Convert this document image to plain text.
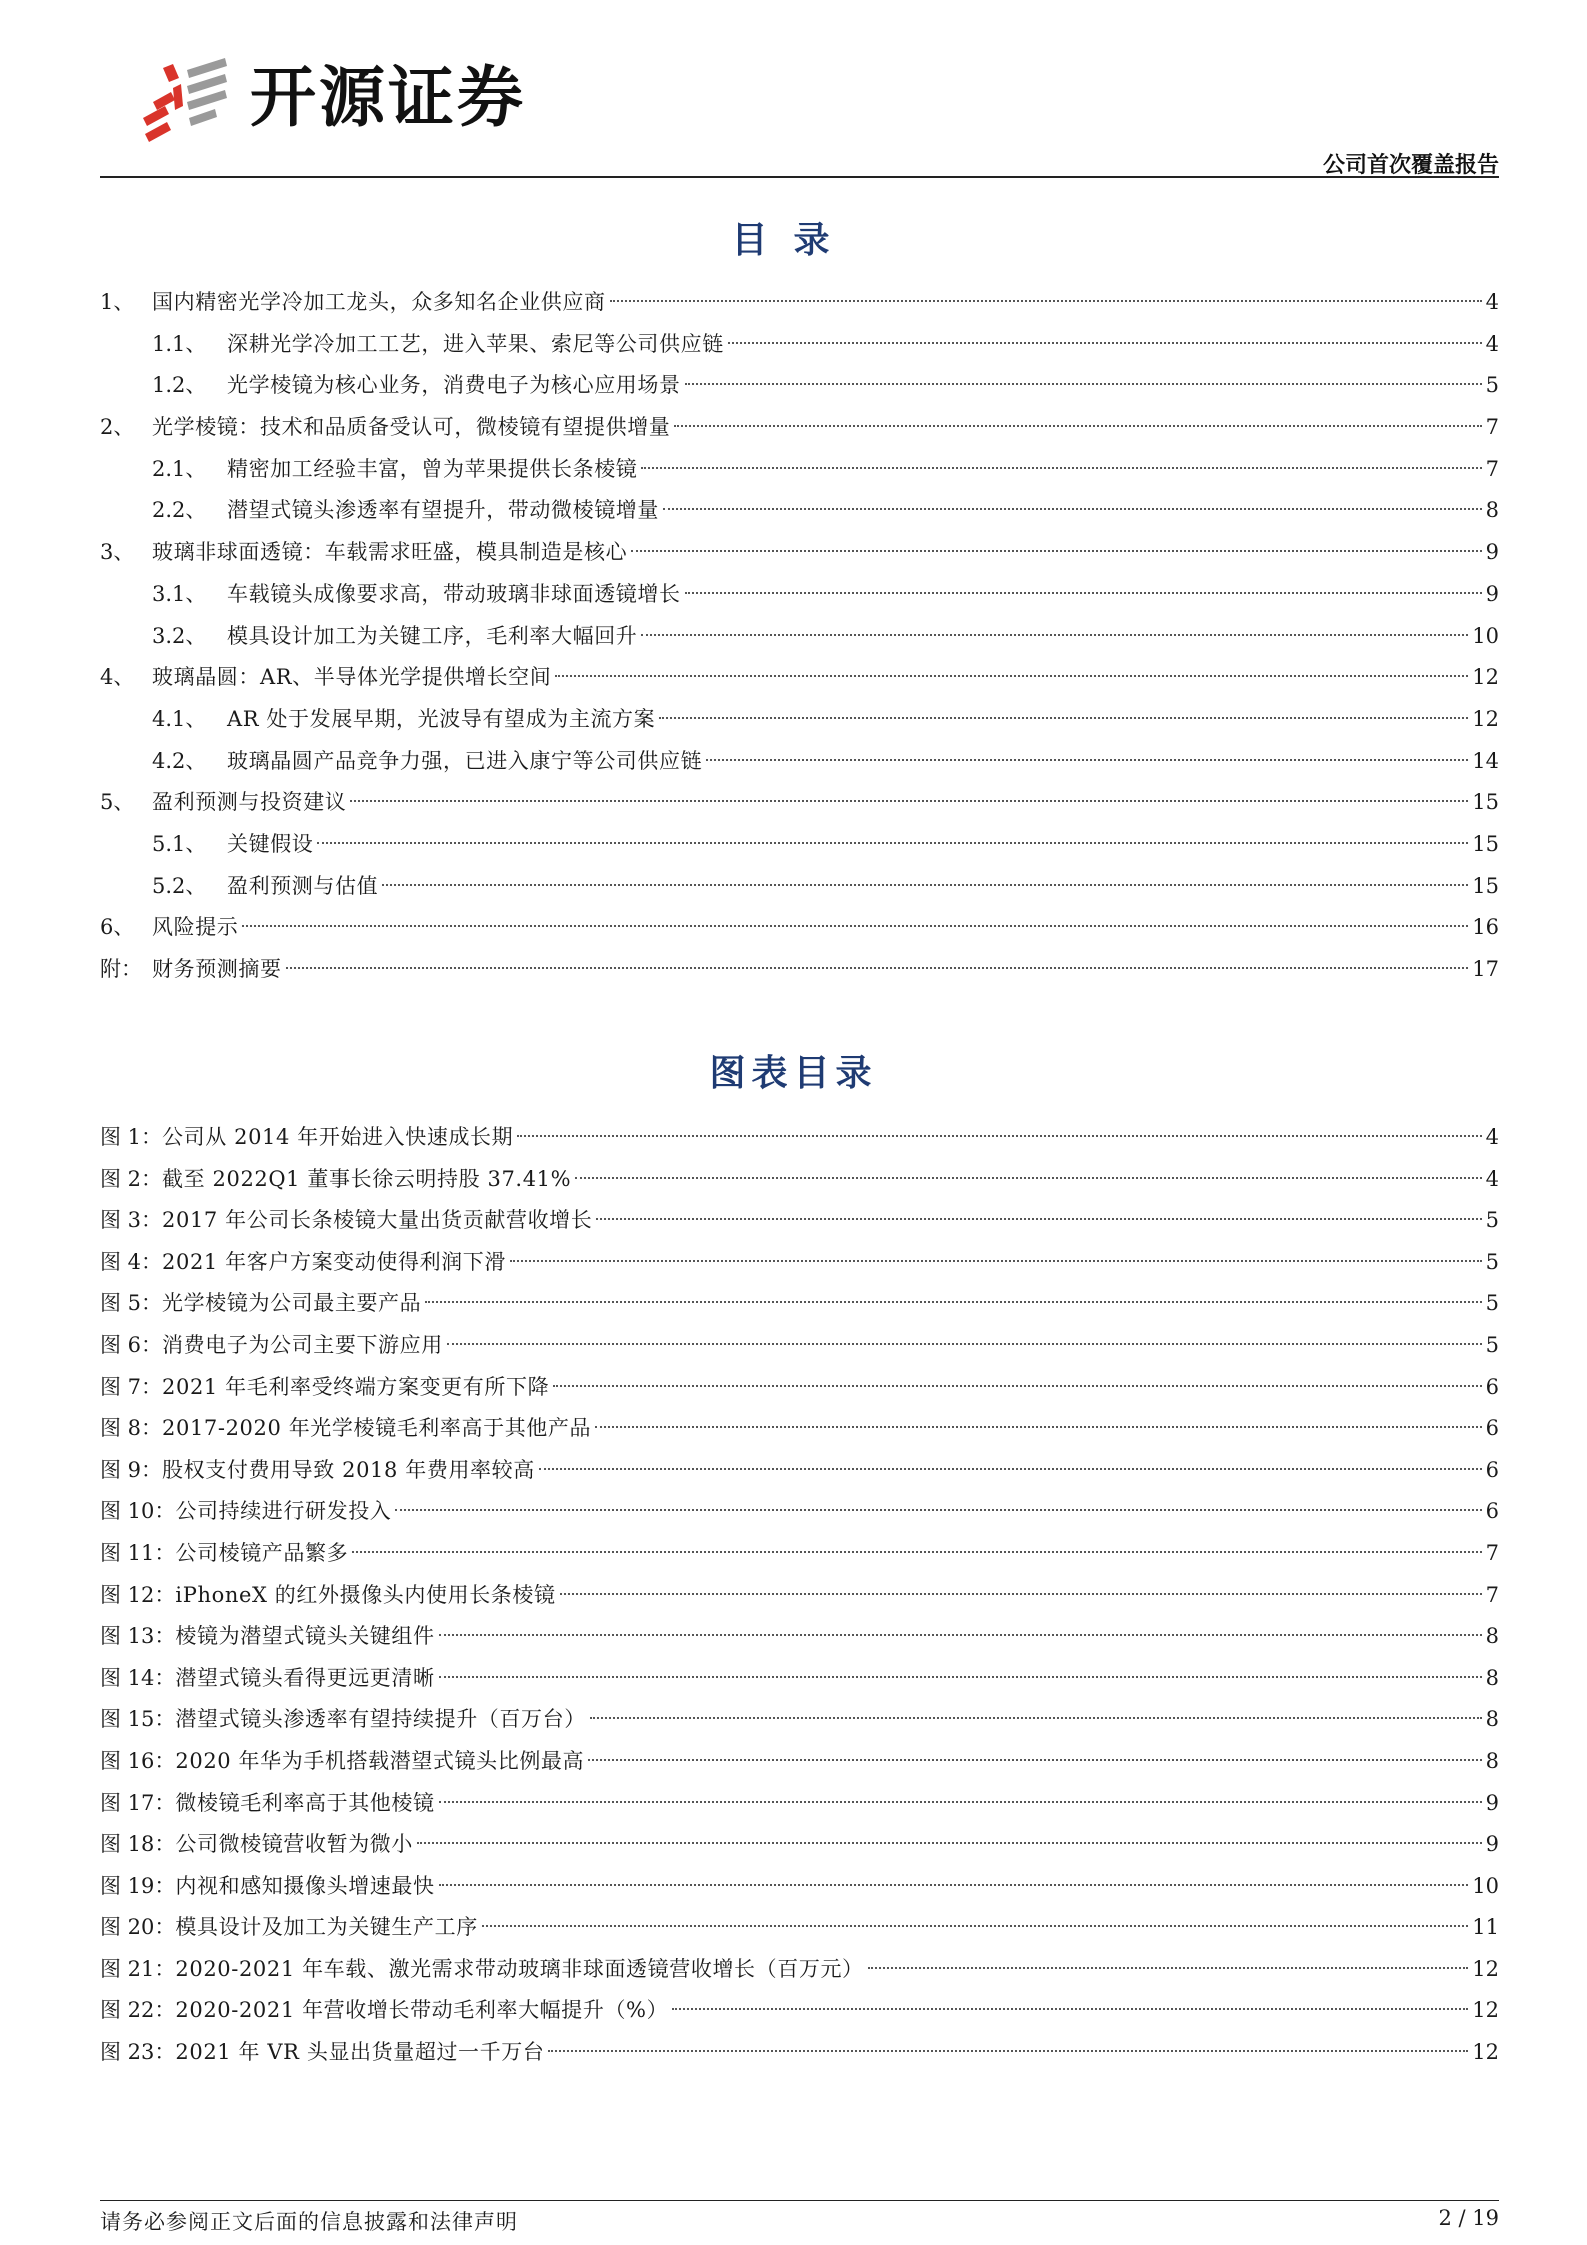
开源证券
公司首次覆盖报告
目录
1、 国内精密光学冷加工龙头，众多知名企业供应商	4
1.1、 深耕光学冷加工工艺，进入苹果、索尼等公司供应链	4
1.2、 光学棱镜为核心业务，消费电子为核心应用场景	5
2、 光学棱镜：技术和品质备受认可，微棱镜有望提供增量	7
2.1、 精密加工经验丰富，曾为苹果提供长条棱镜	7
2.2、 潜望式镜头渗透率有望提升，带动微棱镜增量	8
3、 玻璃非球面透镜：车载需求旺盛，模具制造是核心	9
3.1、 车载镜头成像要求高，带动玻璃非球面透镜增长	9
3.2、 模具设计加工为关键工序，毛利率大幅回升	10
4、 玻璃晶圆：AR、半导体光学提供增长空间	12
4.1、 AR 处于发展早期，光波导有望成为主流方案	12
4.2、 玻璃晶圆产品竞争力强，已进入康宁等公司供应链	14
5、 盈利预测与投资建议	15
5.1、 关键假设	15
5.2、 盈利预测与估值	15
6、 风险提示	16
附： 财务预测摘要	17
图表目录
图 1： 公司从 2014 年开始进入快速成长期	4
图 2： 截至 2022Q1 董事长徐云明持股 37.41%	4
图 3： 2017 年公司长条棱镜大量出货贡献营收增长	5
图 4： 2021 年客户方案变动使得利润下滑	5
图 5： 光学棱镜为公司最主要产品	5
图 6： 消费电子为公司主要下游应用	5
图 7： 2021 年毛利率受终端方案变更有所下降	6
图 8： 2017-2020 年光学棱镜毛利率高于其他产品	6
图 9： 股权支付费用导致 2018 年费用率较高	6
图 10： 公司持续进行研发投入	6
图 11： 公司棱镜产品繁多	7
图 12： iPhoneX 的红外摄像头内使用长条棱镜	7
图 13： 棱镜为潜望式镜头关键组件	8
图 14： 潜望式镜头看得更远更清晰	8
图 15： 潜望式镜头渗透率有望持续提升（百万台）	8
图 16： 2020 年华为手机搭载潜望式镜头比例最高	8
图 17： 微棱镜毛利率高于其他棱镜	9
图 18： 公司微棱镜营收暂为微小	9
图 19： 内视和感知摄像头增速最快	10
图 20： 模具设计及加工为关键生产工序	11
图 21： 2020-2021 年车载、激光需求带动玻璃非球面透镜营收增长（百万元）	12
图 22： 2020-2021 年营收增长带动毛利率大幅提升（%）	12
图 23： 2021 年 VR 头显出货量超过一千万台	12
请务必参阅正文后面的信息披露和法律声明	2 / 19
